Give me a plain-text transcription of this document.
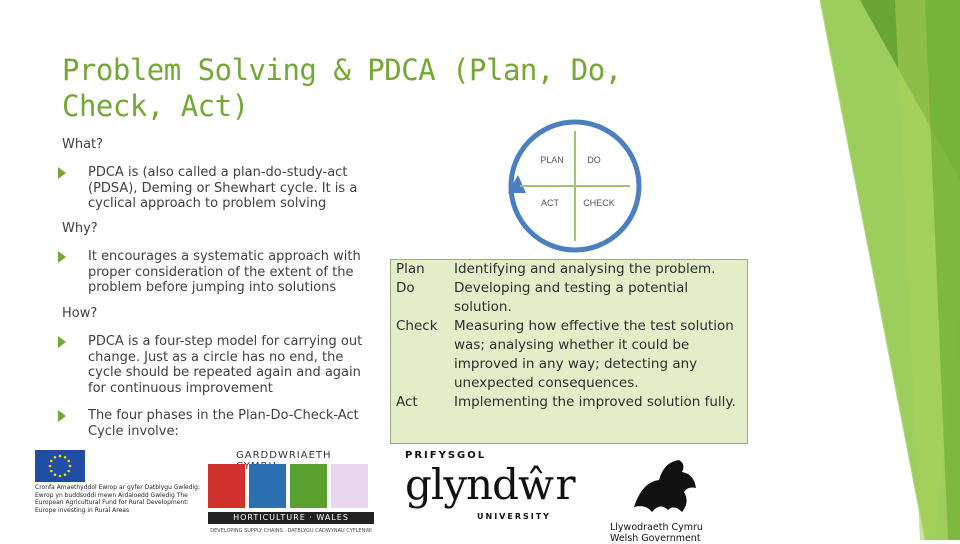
Problem Solving & PDCA (Plan, Do, Check, Act)
What?
PDCA is (also called a plan-do-study-act (PDSA), Deming or Shewhart cycle. It is a cyclical approach to problem solving
Why?
It encourages a systematic approach with proper consideration of the extent of the problem before jumping into solutions
How?
PDCA is a four-step model for carrying out change. Just as a circle has no end, the cycle should be repeated again and again for continuous improvement
The four phases in the Plan-Do-Check-Act Cycle involve:
PLAN	DO
ACT	CHECK
Plan	Identifying and analysing the problem.
Do	Developing and testing a potential solution.
Check	Measuring how effective the test solution was; analysing whether it could be improved in any way; detecting any unexpected consequences.
Act	Implementing the improved solution fully.
Cronfa Amaethyddol Ewrop ar gyfer Datblygu Gwledig: Ewrop yn buddsoddi mewn Ardaloedd Gwledig The European Agricultural Fund for Rural Development: Europe investing in Rural Areas
GARDDWRIAETH
HORTICULTURE · WALES
DEVELOPING SUPPLY CHAINS · DATBLYGU CADWYNAU CYFLENWI
PRIFYSGOL
glyndŵr
UNIVERSITY
Llywodraeth Cymru
Welsh Government
